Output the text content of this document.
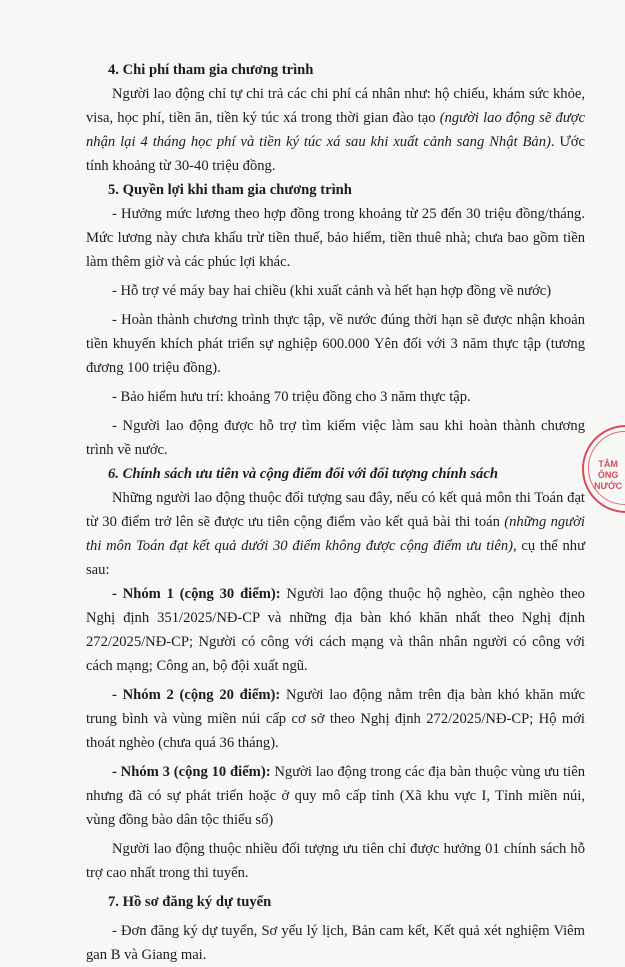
4. Chi phí tham gia chương trình

Người lao động chỉ tự chi trả các chi phí cá nhân như: hộ chiếu, khám sức khỏe, visa, học phí, tiền ăn, tiền ký túc xá trong thời gian đào tạo (người lao động sẽ được nhận lại 4 tháng học phí và tiền ký túc xá sau khi xuất cảnh sang Nhật Bản). Ước tính khoảng từ 30-40 triệu đồng.

5. Quyền lợi khi tham gia chương trình

- Hưởng mức lương theo hợp đồng trong khoảng từ 25 đến 30 triệu đồng/tháng. Mức lương này chưa khấu trừ tiền thuế, bảo hiểm, tiền thuê nhà; chưa bao gồm tiền làm thêm giờ và các phúc lợi khác.

- Hỗ trợ vé máy bay hai chiều (khi xuất cảnh và hết hạn hợp đồng về nước)

- Hoàn thành chương trình thực tập, về nước đúng thời hạn sẽ được nhận khoản tiền khuyến khích phát triển sự nghiệp 600.000 Yên đối với 3 năm thực tập (tương đương 100 triệu đồng).

- Bảo hiểm hưu trí: khoảng 70 triệu đồng cho 3 năm thực tập.

- Người lao động được hỗ trợ tìm kiếm việc làm sau khi hoàn thành chương trình về nước.

6. Chính sách ưu tiên và cộng điểm đối với đối tượng chính sách

Những người lao động thuộc đối tượng sau đây, nếu có kết quả môn thi Toán đạt từ 30 điểm trở lên sẽ được ưu tiên cộng điểm vào kết quả bài thi toán (những người thi môn Toán đạt kết quả dưới 30 điểm không được cộng điểm ưu tiên), cụ thể như sau:

- Nhóm 1 (cộng 30 điểm): Người lao động thuộc hộ nghèo, cận nghèo theo Nghị định 351/2025/NĐ-CP và những địa bàn khó khăn nhất theo Nghị định 272/2025/NĐ-CP; Người có công với cách mạng và thân nhân người có công với cách mạng; Công an, bộ đội xuất ngũ.

- Nhóm 2 (cộng 20 điểm): Người lao động nằm trên địa bàn khó khăn mức trung bình và vùng miền núi cấp cơ sở theo Nghị định 272/2025/NĐ-CP; Hộ mới thoát nghèo (chưa quá 36 tháng).

- Nhóm 3 (cộng 10 điểm): Người lao động trong các địa bàn thuộc vùng ưu tiên nhưng đã có sự phát triển hoặc ở quy mô cấp tỉnh (Xã khu vực I, Tỉnh miền núi, vùng đồng bào dân tộc thiểu số)

Người lao động thuộc nhiều đối tượng ưu tiên chỉ được hưởng 01 chính sách hỗ trợ cao nhất trong thi tuyển.

7. Hồ sơ đăng ký dự tuyển

- Đơn đăng ký dự tuyển, Sơ yếu lý lịch, Bản cam kết, Kết quả xét nghiệm Viêm gan B và Giang mai.

TÂM
ỐNG
NƯỚC
